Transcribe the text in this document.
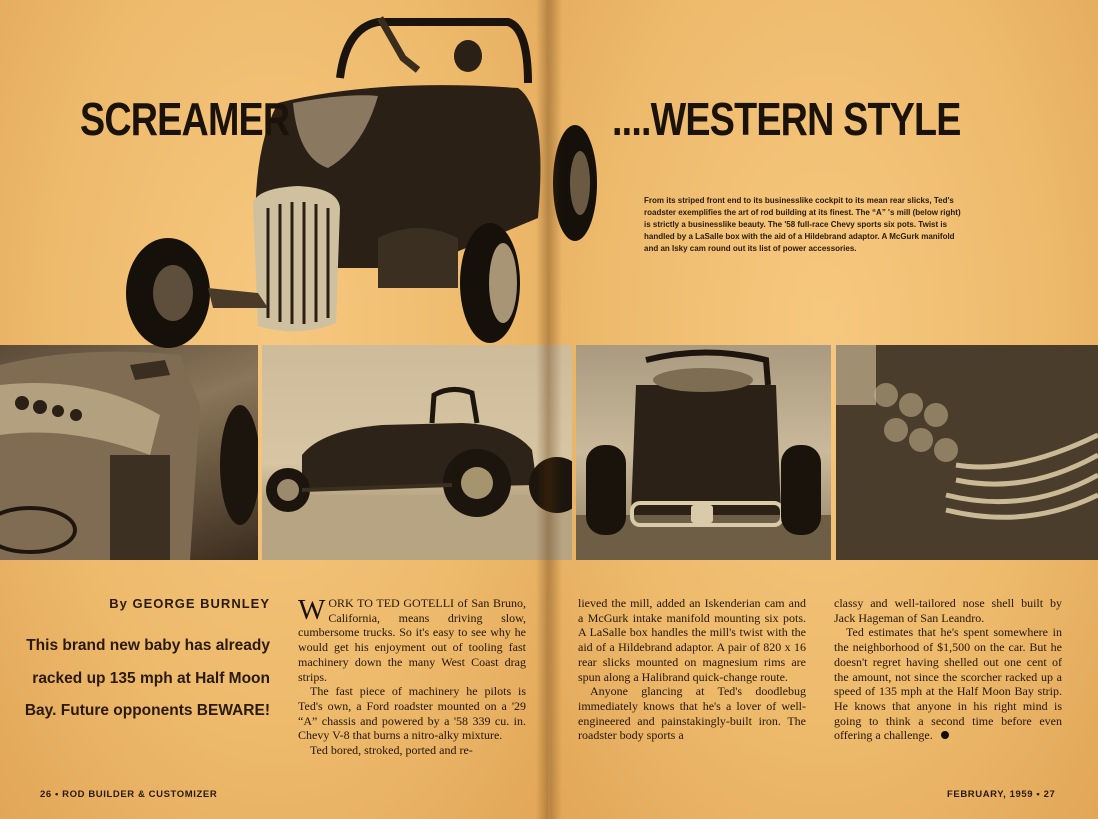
SCREAMER	....WESTERN STYLE
From its striped front end to its businesslike cockpit to its mean rear slicks, Ted's roadster exemplifies the art of rod building at its finest. The “A” 's mill (below right) is strictly a businesslike beauty. The '58 full-race Chevy sports six pots. Twist is handled by a LaSalle box with the aid of a Hildebrand adaptor. A McGurk manifold and an Isky cam round out its list of power accessories.
By GEORGE BURNLEY
This brand new baby has already racked up 135 mph at Half Moon Bay. Future opponents BEWARE!

WORK TO TED GOTELLI of San Bruno, California, means driving slow, cumbersome trucks. So it's easy to see why he would get his enjoyment out of tooling fast machinery down the many West Coast drag strips.

The fast piece of machinery he pilots is Ted's own, a Ford roadster mounted on a '29 “A” chassis and powered by a '58 339 cu. in. Chevy V-8 that burns a nitro-alky mixture.

Ted bored, stroked, ported and re-

lieved the mill, added an Iskenderian cam and a McGurk intake manifold mounting six pots. A LaSalle box handles the mill's twist with the aid of a Hildebrand adaptor. A pair of 820 x 16 rear slicks mounted on magnesium rims are spun along a Halibrand quick-change route.

Anyone glancing at Ted's doodlebug immediately knows that he's a lover of well-engineered and painstakingly-built iron. The roadster body sports a

classy and well-tailored nose shell built by Jack Hageman of San Leandro.

Ted estimates that he's spent somewhere in the neighborhood of $1,500 on the car. But he doesn't regret having shelled out one cent of the amount, not since the scorcher racked up a speed of 135 mph at the Half Moon Bay strip. He knows that anyone in his right mind is going to think a second time before even offering a challenge.

26 • ROD BUILDER & CUSTOMIZER	FEBRUARY, 1959 • 27
